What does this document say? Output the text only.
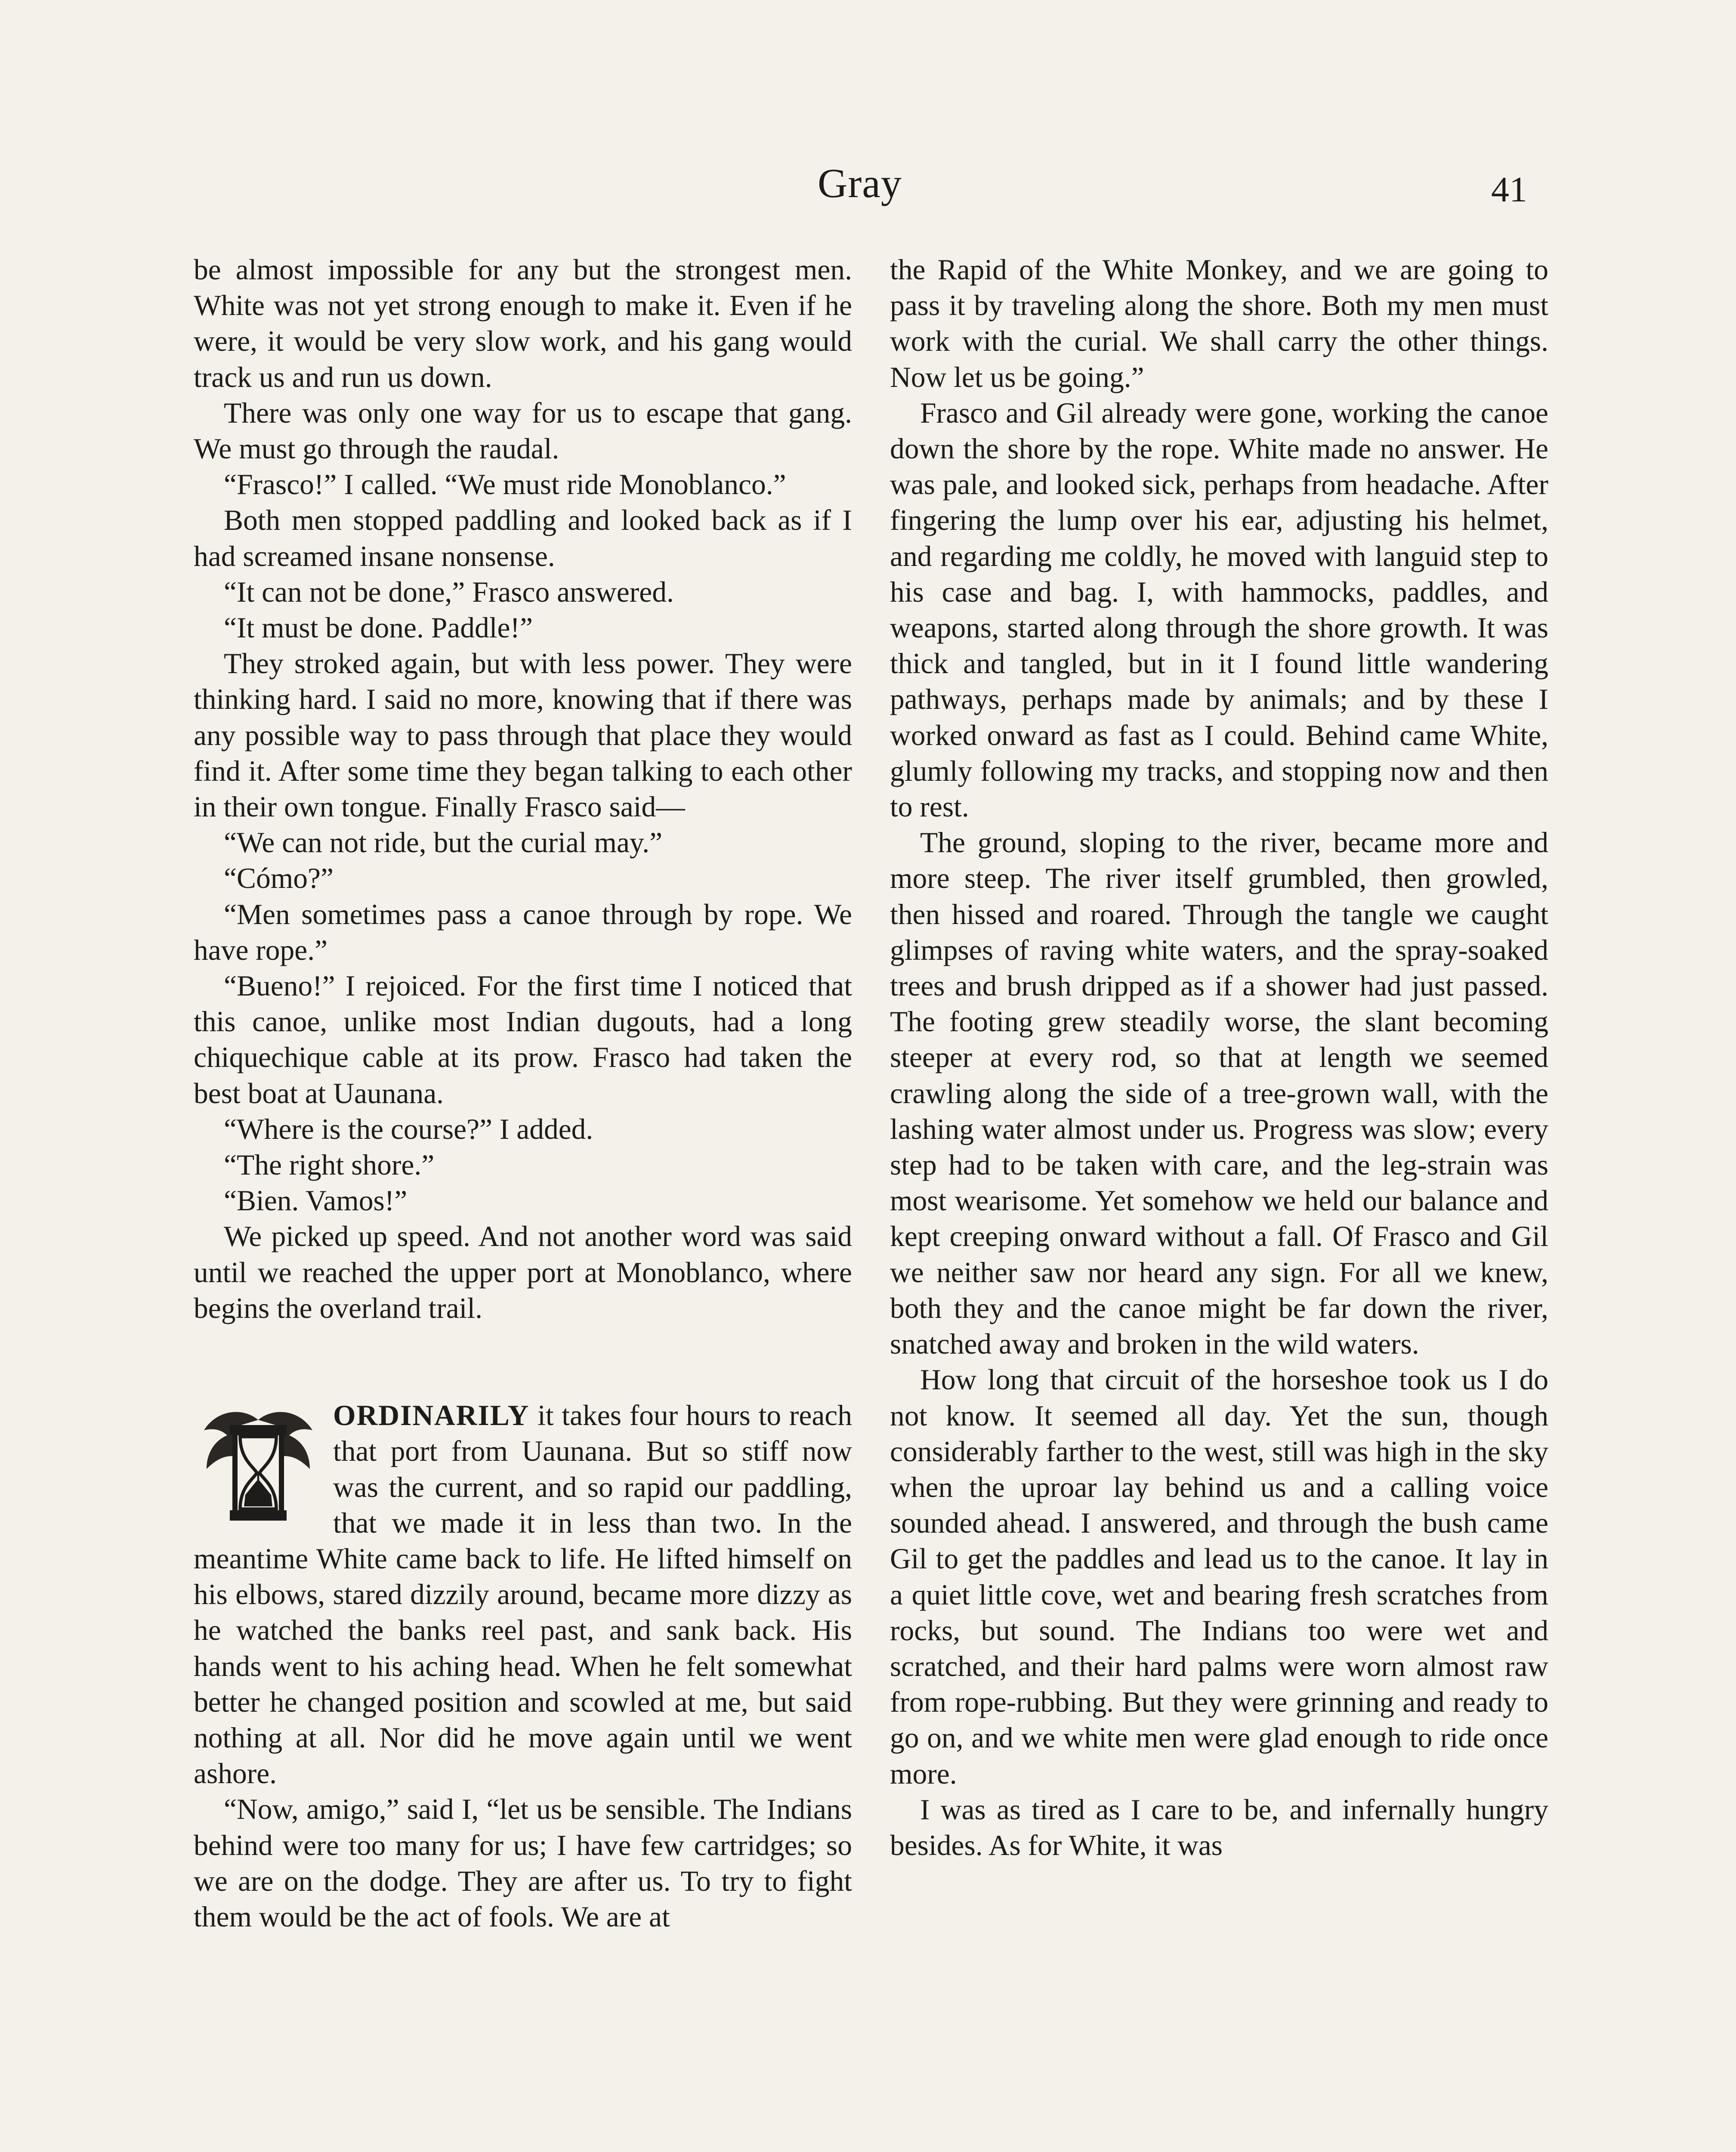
Gray	41

be almost impossible for any but the strongest men. White was not yet strong enough to make it. Even if he were, it would be very slow work, and his gang would track us and run us down.

There was only one way for us to escape that gang. We must go through the raudal.

“Frasco!” I called. “We must ride Monoblanco.”

Both men stopped paddling and looked back as if I had screamed insane nonsense.

“It can not be done,” Frasco answered.

“It must be done. Paddle!”

They stroked again, but with less power. They were thinking hard. I said no more, knowing that if there was any possible way to pass through that place they would find it. After some time they began talking to each other in their own tongue. Finally Frasco said—

“We can not ride, but the curial may.”

“Cómo?”

“Men sometimes pass a canoe through by rope. We have rope.”

“Bueno!” I rejoiced. For the first time I noticed that this canoe, unlike most Indian dugouts, had a long chiquechique cable at its prow. Frasco had taken the best boat at Uaunana.

“Where is the course?” I added.

“The right shore.”

“Bien. Vamos!”

We picked up speed. And not another word was said until we reached the upper port at Monoblanco, where begins the overland trail.

ORDINARILY it takes four hours to reach that port from Uaunana. But so stiff now was the current, and so rapid our paddling, that we made it in less than two. In the meantime White came back to life. He lifted himself on his elbows, stared dizzily around, became more dizzy as he watched the banks reel past, and sank back. His hands went to his aching head. When he felt somewhat better he changed position and scowled at me, but said nothing at all. Nor did he move again until we went ashore.

“Now, amigo,” said I, “let us be sensible. The Indians behind were too many for us; I have few cartridges; so we are on the dodge. They are after us. To try to fight them would be the act of fools. We are at

the Rapid of the White Monkey, and we are going to pass it by traveling along the shore. Both my men must work with the curial. We shall carry the other things. Now let us be going.”

Frasco and Gil already were gone, working the canoe down the shore by the rope. White made no answer. He was pale, and looked sick, perhaps from headache. After fingering the lump over his ear, adjusting his helmet, and regarding me coldly, he moved with languid step to his case and bag. I, with hammocks, paddles, and weapons, started along through the shore growth. It was thick and tangled, but in it I found little wandering pathways, perhaps made by animals; and by these I worked onward as fast as I could. Behind came White, glumly following my tracks, and stopping now and then to rest.

The ground, sloping to the river, became more and more steep. The river itself grumbled, then growled, then hissed and roared. Through the tangle we caught glimpses of raving white waters, and the spray-soaked trees and brush dripped as if a shower had just passed. The footing grew steadily worse, the slant becoming steeper at every rod, so that at length we seemed crawling along the side of a tree-grown wall, with the lashing water almost under us. Progress was slow; every step had to be taken with care, and the leg-strain was most wearisome. Yet somehow we held our balance and kept creeping onward without a fall. Of Frasco and Gil we neither saw nor heard any sign. For all we knew, both they and the canoe might be far down the river, snatched away and broken in the wild waters.

How long that circuit of the horseshoe took us I do not know. It seemed all day. Yet the sun, though considerably farther to the west, still was high in the sky when the uproar lay behind us and a calling voice sounded ahead. I answered, and through the bush came Gil to get the paddles and lead us to the canoe. It lay in a quiet little cove, wet and bearing fresh scratches from rocks, but sound. The Indians too were wet and scratched, and their hard palms were worn almost raw from rope-rubbing. But they were grinning and ready to go on, and we white men were glad enough to ride once more.

I was as tired as I care to be, and infernally hungry besides. As for White, it was
